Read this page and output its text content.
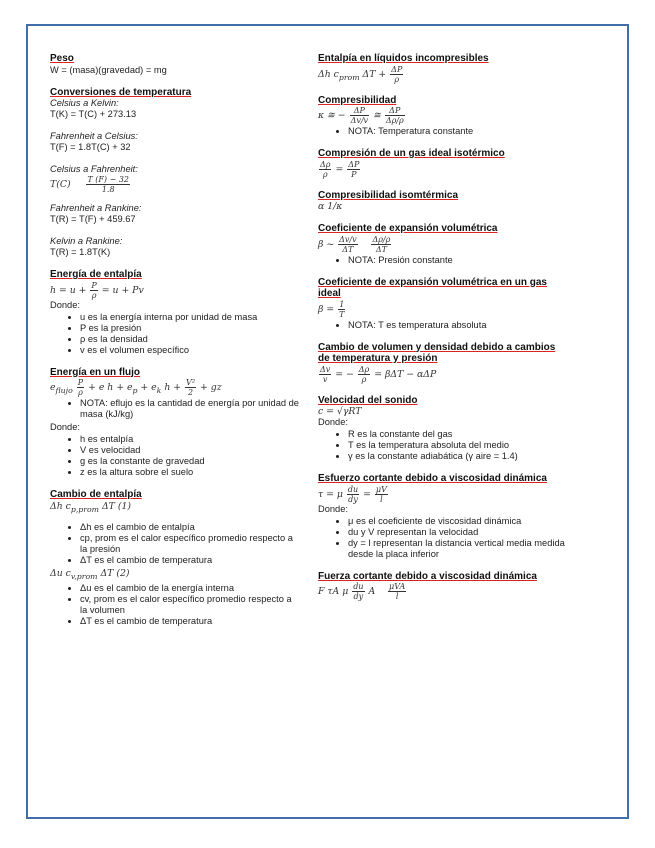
Peso
W = (masa)(gravedad) = mg
Conversiones de temperatura
Celsius a Kelvin:
T(K) = T(C) + 273.13
Fahrenheit a Celsius:
T(F) = 1.8T(C) + 32
Celsius a Fahrenheit:
$T(C) \frac{T (F) - 32}{1.8}$
Fahrenheit a Rankine:
T(R) = T(F) + 459.67
Kelvin a Rankine:
T(R) = 1.8T(K)
Energía de entalpía
$h = u + \frac{P}{\rho} = u + Pv$
Donde:
• u es la energía interna por unidad de masa
• P es la presión
• ρ es la densidad
• v es el volumen específico
Energía en un flujo
$e_{flujo} \frac{P}{\rho} + e$ $h + e_p + e_k$ $h + \frac{\text{V²}}{2}$ + gz
• NOTA: eflujo es la cantidad de energía por unidad de masa (kJ/kg)
Donde:
• h es entalpía
• V es velocidad
• g es la constante de gravedad
• z es la altura sobre el suelo
Cambio de entalpía
Δh $c_{p,prom}$ ΔT (1)
• Δh es el cambio de entalpía
• cp, prom es el calor específico promedio respecto a la presión
• ΔT es el cambio de temperatura
Δu $c_{v,prom}$ ΔT (2)
• Δu es el cambio de la energía interna
• cv, prom es el calor específico promedio respecto a la volumen
• ΔT es el cambio de temperatura
Entalpía en líquidos incompresibles
Δh $c_{prom}$ $\Delta T + \frac{\Delta P}{\rho}$
Compresibilidad
κ ≅ − $\frac{\Delta P}{\Delta v/v}$ ≅ $\frac{\Delta P}{\Delta\rho/\rho}$
• NOTA: Temperatura constante
Compresión de un gas ideal isotérmico
$\frac{\Delta\rho}{\rho} = \frac{\Delta P}{P}$
Compresibilidad isomtérmica
α 1/κ
Coeficiente de expansión volumétrica
β ~ $\frac{\Delta v/v}{\Delta T}$
$\frac{\Delta\rho/\rho}{\Delta T}$
• NOTA: Presión constante
Coeficiente de expansión volumétrica en un gas ideal
$\beta = \frac{1}{T}$
• NOTA: T es temperatura absoluta
Cambio de volumen y densidad debido a cambios de temperatura y presión
$\frac{\Delta v}{v}$ = − $\frac{\Delta\rho}{\rho} = \beta\Delta T - \alpha\Delta P$
Velocidad del sonido
c = √γRT
Donde:
• R es la constante del gas
• T es la temperatura absoluta del medio
• γ es la constante adiabática (γ aire = 1.4)
Esfuerzo cortante debido a viscosidad dinámica
τ = μ $\frac{du}{dy} = \frac{\mu V}{l}$
Donde:
• μ es el coeficiente de viscosidad dinámica
• du y V representan la velocidad
• dy = l representan la distancia vertical media medida desde la placa inferior
Fuerza cortante debido a viscosidad dinámica
F τA μ $\frac{du}{dy}$ A $\frac{\text{μVA}}{l}$
